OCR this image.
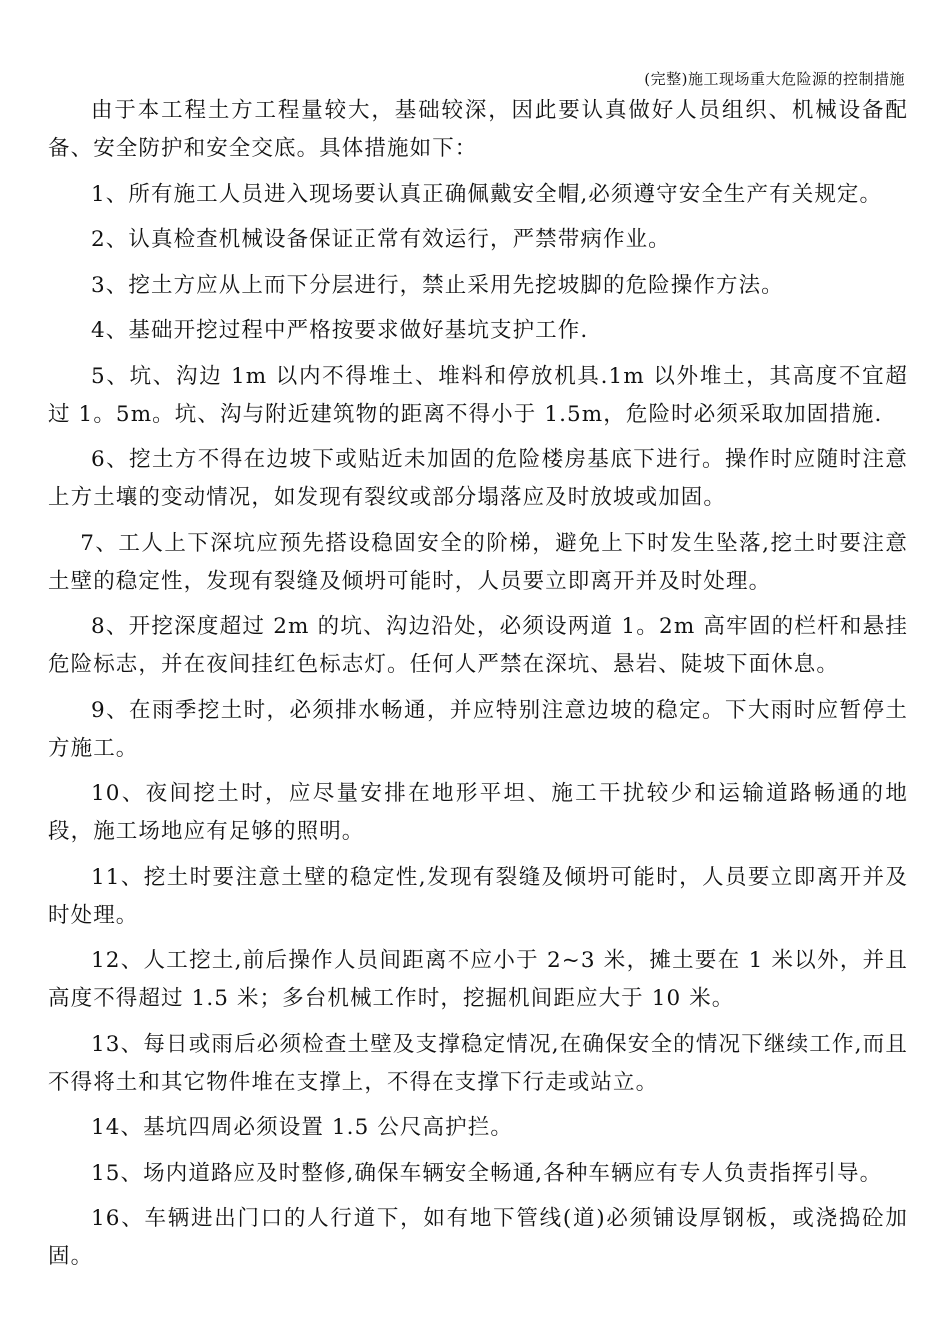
(完整)施工现场重大危险源的控制措施

由于本工程土方工程量较大，基础较深，因此要认真做好人员组织、机械设备配备、安全防护和安全交底。具体措施如下：

1、所有施工人员进入现场要认真正确佩戴安全帽,必须遵守安全生产有关规定。

2、认真检查机械设备保证正常有效运行，严禁带病作业。

3、挖土方应从上而下分层进行，禁止采用先挖坡脚的危险操作方法。

4、基础开挖过程中严格按要求做好基坑支护工作.

5、坑、沟边 1m 以内不得堆土、堆料和停放机具.1m 以外堆土，其高度不宜超过 1。5m。坑、沟与附近建筑物的距离不得小于 1.5m，危险时必须采取加固措施.

6、挖土方不得在边坡下或贴近未加固的危险楼房基底下进行。操作时应随时注意上方土壤的变动情况，如发现有裂纹或部分塌落应及时放坡或加固。

7、工人上下深坑应预先搭设稳固安全的阶梯，避免上下时发生坠落,挖土时要注意土壁的稳定性，发现有裂缝及倾坍可能时，人员要立即离开并及时处理。

8、开挖深度超过 2m 的坑、沟边沿处，必须设两道 1。2m 高牢固的栏杆和悬挂危险标志，并在夜间挂红色标志灯。任何人严禁在深坑、悬岩、陡坡下面休息。

9、在雨季挖土时，必须排水畅通，并应特别注意边坡的稳定。下大雨时应暂停土方施工。

10、夜间挖土时，应尽量安排在地形平坦、施工干扰较少和运输道路畅通的地段，施工场地应有足够的照明。

11、挖土时要注意土壁的稳定性,发现有裂缝及倾坍可能时，人员要立即离开并及时处理。

12、人工挖土,前后操作人员间距离不应小于 2~3 米，摊土要在 1 米以外，并且高度不得超过 1.5 米；多台机械工作时，挖掘机间距应大于 10 米。

13、每日或雨后必须检查土壁及支撑稳定情况,在确保安全的情况下继续工作,而且不得将土和其它物件堆在支撑上，不得在支撑下行走或站立。

14、基坑四周必须设置 1.5 公尺高护拦。

15、场内道路应及时整修,确保车辆安全畅通,各种车辆应有专人负责指挥引导。

16、车辆进出门口的人行道下，如有地下管线(道)必须铺设厚钢板，或浇捣砼加固。
